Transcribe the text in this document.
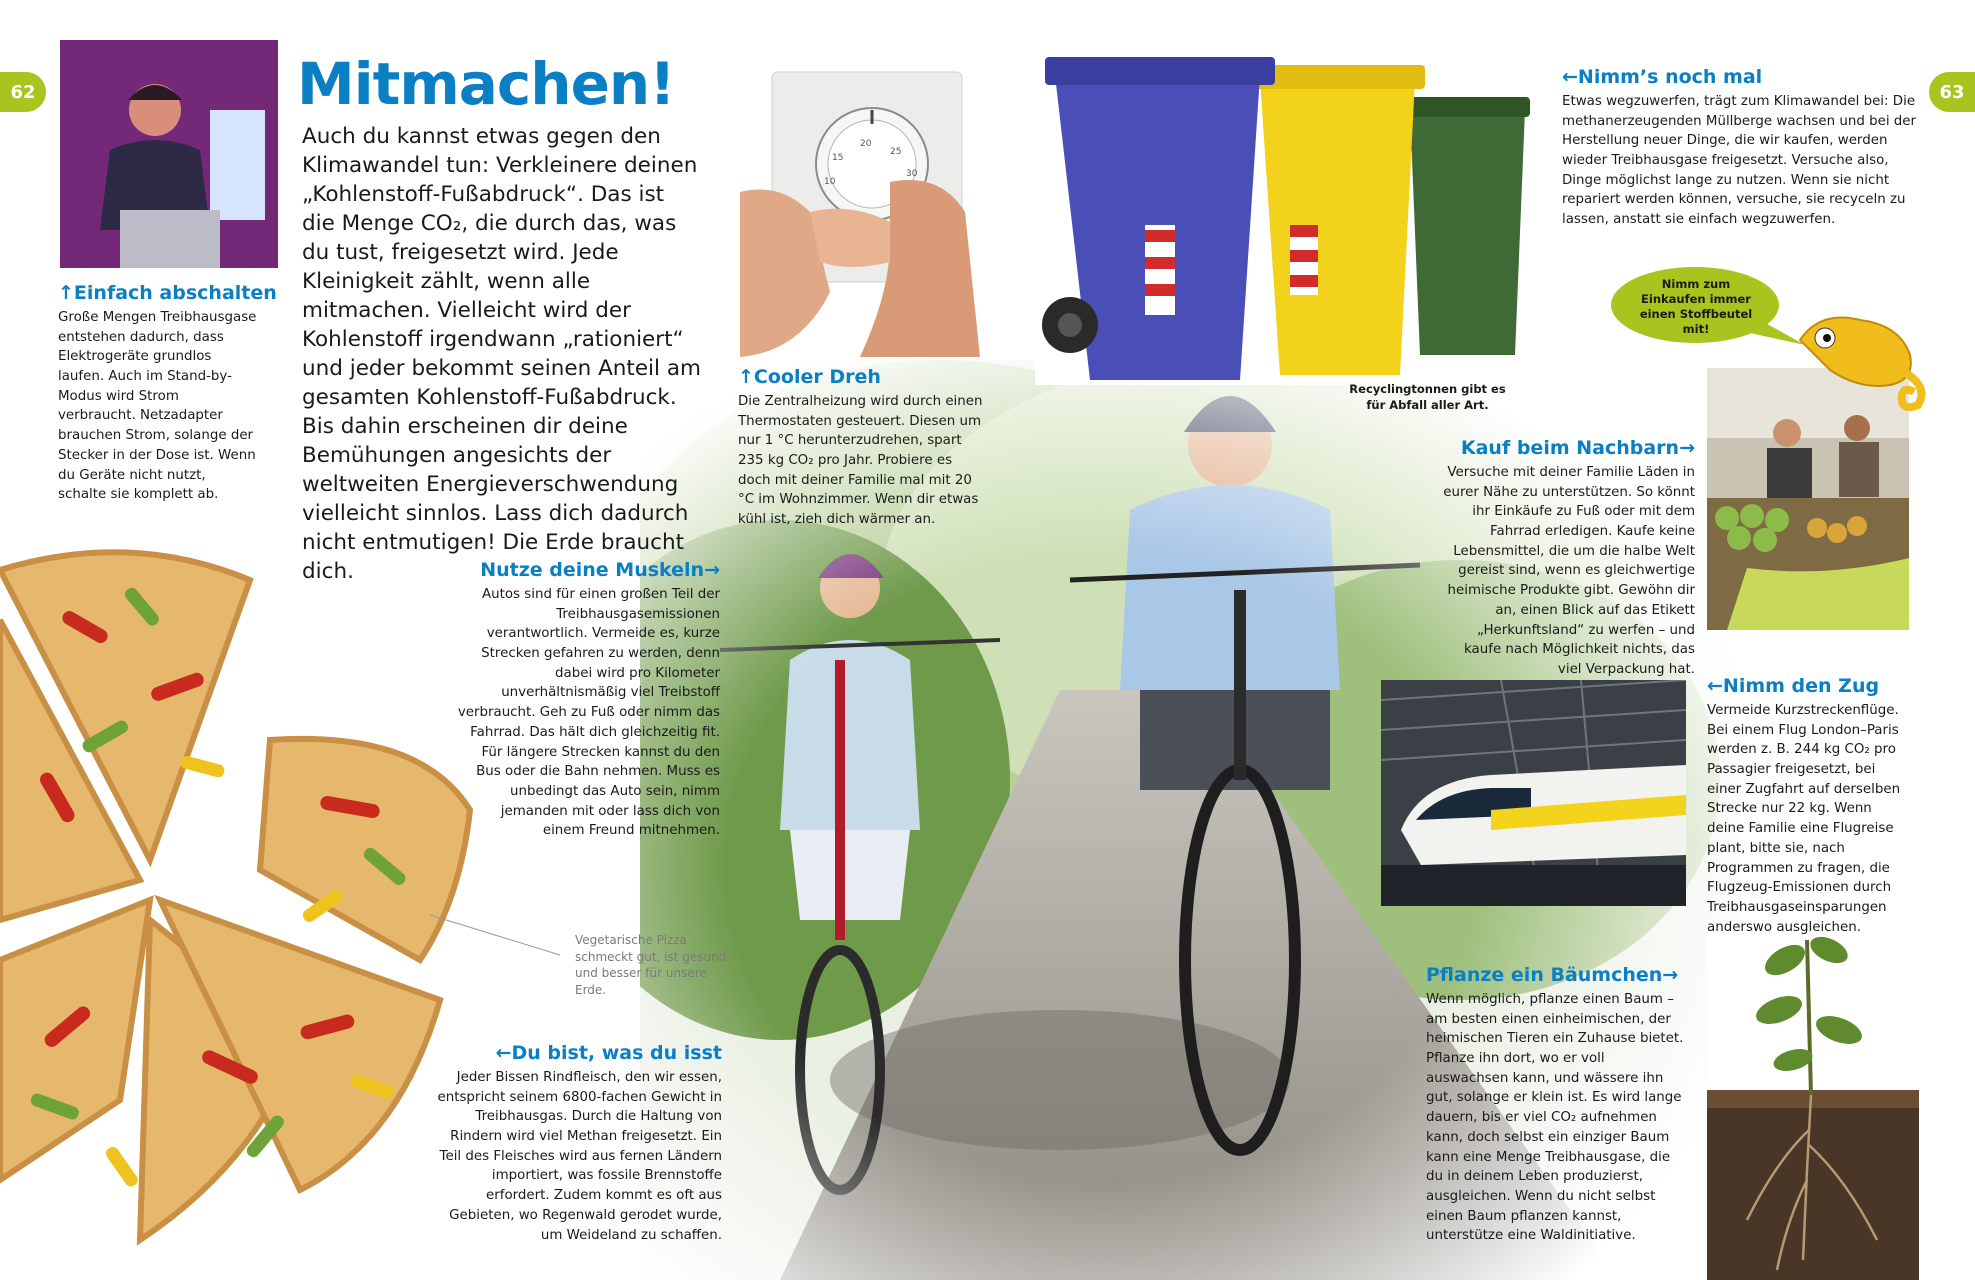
62	63
10
15
20
25
30
Nimm zum Einkaufen immer einen Stoffbeutel mit!
Mitmachen!

Auch du kannst etwas gegen den Klimawandel tun: Verkleinere deinen „Kohlenstoff-Fußabdruck“. Das ist die Menge CO₂, die durch das, was du tust, freigesetzt wird. Jede Kleinigkeit zählt, wenn alle mitmachen. Vielleicht wird der Kohlenstoff irgendwann „rationiert“ und jeder bekommt seinen Anteil am gesamten Kohlenstoff-Fußabdruck. Bis dahin erscheinen dir deine Bemühungen angesichts der weltweiten Energieverschwendung vielleicht sinnlos. Lass dich dadurch nicht entmutigen! Die Erde braucht dich.

↑Einfach abschalten

Große Mengen Treibhausgase entstehen dadurch, dass Elektrogeräte grundlos laufen. Auch im Stand-by-Modus wird Strom verbraucht. Netzadapter brauchen Strom, solange der Stecker in der Dose ist. Wenn du Geräte nicht nutzt, schalte sie komplett ab.

↑Cooler Dreh

Die Zentralheizung wird durch einen Thermostaten gesteuert. Diesen um nur 1 °C herunterzudrehen, spart 235 kg CO₂ pro Jahr. Probiere es doch mit deiner Familie mal mit 20 °C im Wohnzimmer. Wenn dir etwas kühl ist, zieh dich wärmer an.

Nutze deine Muskeln→

Autos sind für einen großen Teil der Treibhausgasemissionen verantwortlich. Vermeide es, kurze Strecken gefahren zu werden, denn dabei wird pro Kilometer unverhältnismäßig viel Treibstoff verbraucht. Geh zu Fuß oder nimm das Fahrrad. Das hält dich gleichzeitig fit. Für längere Strecken kannst du den Bus oder die Bahn nehmen. Muss es unbedingt das Auto sein, nimm jemanden mit oder lass dich von einem Freund mitnehmen.

Vegetarische Pizza schmeckt gut, ist gesund und besser für unsere Erde.

←Du bist, was du isst

Jeder Bissen Rindfleisch, den wir essen, entspricht seinem 6800-fachen Gewicht in Treibhausgas. Durch die Haltung von Rindern wird viel Methan freigesetzt. Ein Teil des Fleisches wird aus fernen Ländern importiert, was fossile Brennstoffe erfordert. Zudem kommt es oft aus Gebieten, wo Regenwald gerodet wurde, um Weideland zu schaffen.

Recyclingtonnen gibt es für Abfall aller Art.

←Nimm’s noch mal

Etwas wegzuwerfen, trägt zum Klimawandel bei: Die methanerzeugenden Müllberge wachsen und bei der Herstellung neuer Dinge, die wir kaufen, werden wieder Treibhausgase freigesetzt. Versuche also, Dinge möglichst lange zu nutzen. Wenn sie nicht repariert werden können, versuche, sie recyceln zu lassen, anstatt sie einfach wegzuwerfen.

Kauf beim Nachbarn→

Versuche mit deiner Familie Läden in eurer Nähe zu unterstützen. So könnt ihr Einkäufe zu Fuß oder mit dem Fahrrad erledigen. Kaufe keine Lebensmittel, die um die halbe Welt gereist sind, wenn es gleichwertige heimische Produkte gibt. Gewöhn dir an, einen Blick auf das Etikett „Herkunftsland“ zu werfen – und kaufe nach Möglichkeit nichts, das viel Verpackung hat.

←Nimm den Zug

Vermeide Kurzstreckenflüge. Bei einem Flug London–Paris werden z. B. 244 kg CO₂ pro Passagier freigesetzt, bei einer Zugfahrt auf derselben Strecke nur 22 kg. Wenn deine Familie eine Flugreise plant, bitte sie, nach Programmen zu fragen, die Flugzeug-Emissionen durch Treibhausgaseinsparungen anderswo ausgleichen.

Pflanze ein Bäumchen→

Wenn möglich, pflanze einen Baum – am besten einen einheimischen, der heimischen Tieren ein Zuhause bietet. Pflanze ihn dort, wo er voll auswachsen kann, und wässere ihn gut, solange er klein ist. Es wird lange dauern, bis er viel CO₂ aufnehmen kann, doch selbst ein einziger Baum kann eine Menge Treibhausgase, die du in deinem Leben produzierst, ausgleichen. Wenn du nicht selbst einen Baum pflanzen kannst, unterstütze eine Waldinitiative.
